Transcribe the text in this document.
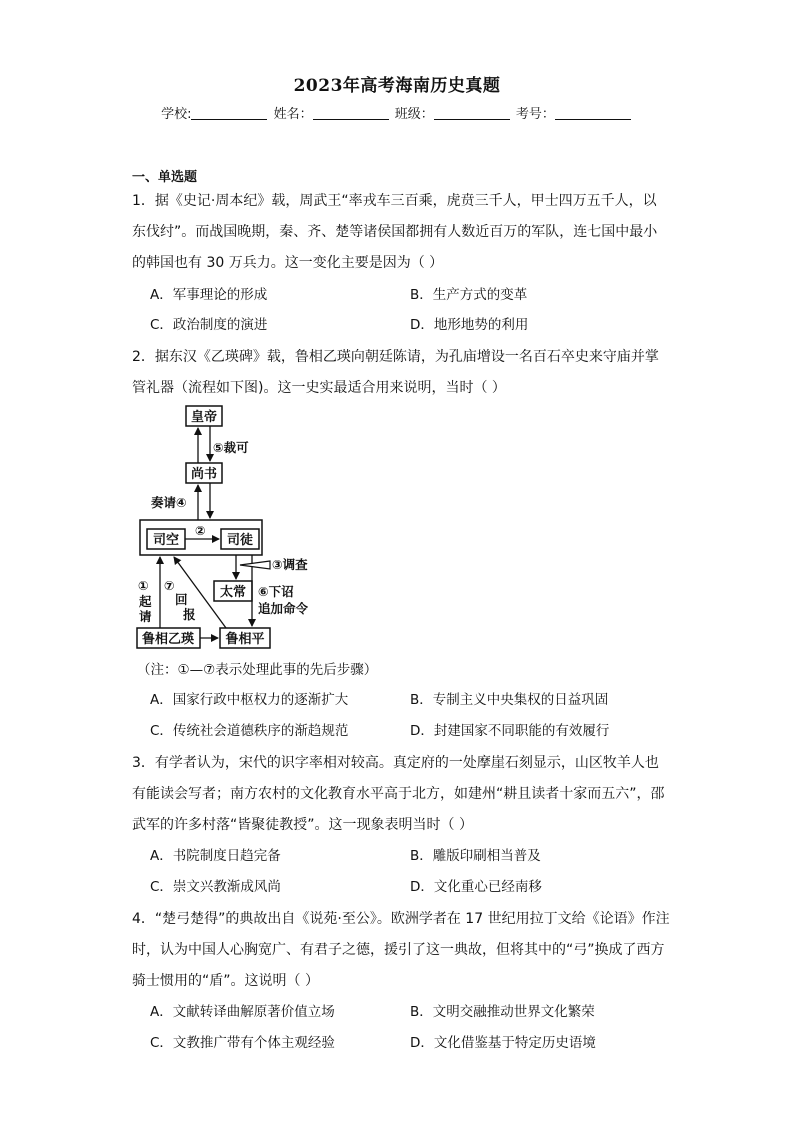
2023年高考海南历史真题
学校:	姓名：	班级：	考号：
一、单选题
1．据《史记·周本纪》载，周武王“率戎车三百乘，虎贲三千人，甲士四万五千人，以
东伐纣”。而战国晚期，秦、齐、楚等诸侯国都拥有人数近百万的军队，连七国中最小
的韩国也有 30 万兵力。这一变化主要是因为（ ）
A．军事理论的形成	B．生产方式的变革
C．政治制度的演进	D．地形地势的利用
2．据东汉《乙瑛碑》载，鲁相乙瑛向朝廷陈请，为孔庙增设一名百石卒史来守庙并掌
管礼器（流程如下图)。这一史实最适合用来说明，当时（ ）
皇帝
尚书
司空	司徒
太常
鲁相乙瑛 鲁相平
⑤裁可
奏请④
②
③调查
⑥下诏
追加命令
①
起
请
⑦
回
报
（注：①—⑦表示处理此事的先后步骤）
A．国家行政中枢权力的逐渐扩大	B．专制主义中央集权的日益巩固
C．传统社会道德秩序的渐趋规范	D．封建国家不同职能的有效履行
3．有学者认为，宋代的识字率相对较高。真定府的一处摩崖石刻显示，山区牧羊人也
有能读会写者；南方农村的文化教育水平高于北方，如建州“耕且读者十家而五六”，邵
武军的许多村落“皆聚徒教授”。这一现象表明当时（ ）
A．书院制度日趋完备	B．雕版印刷相当普及
C．崇文兴教渐成风尚	D．文化重心已经南移
4．“楚弓楚得”的典故出自《说苑·至公》。欧洲学者在 17 世纪用拉丁文给《论语》作注
时，认为中国人心胸宽广、有君子之德，援引了这一典故，但将其中的“弓”换成了西方
骑士惯用的“盾”。这说明（ ）
A．文献转译曲解原著价值立场	B．文明交融推动世界文化繁荣
C．文教推广带有个体主观经验	D．文化借鉴基于特定历史语境
